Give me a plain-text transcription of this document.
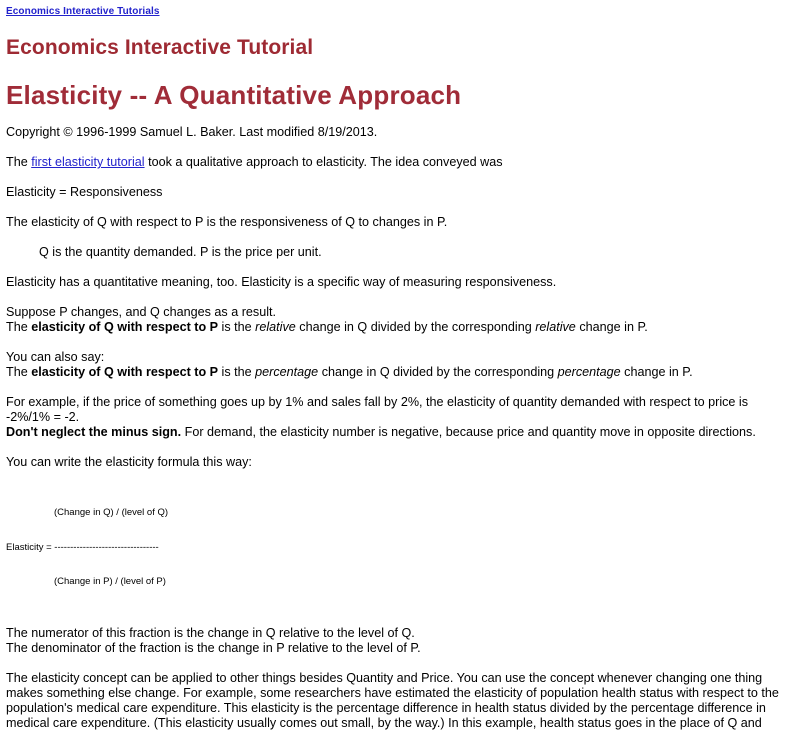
Economics Interactive Tutorials
Economics Interactive Tutorial
Elasticity -- A Quantitative Approach

Copyright © 1996-1999 Samuel L. Baker. Last modified 8/19/2013.

The first elasticity tutorial took a qualitative approach to elasticity. The idea conveyed was

Elasticity = Responsiveness

The elasticity of Q with respect to P is the responsiveness of Q to changes in P.

Q is the quantity demanded. P is the price per unit.

Elasticity has a quantitative meaning, too. Elasticity is a specific way of measuring responsiveness.

Suppose P changes, and Q changes as a result.
The elasticity of Q with respect to P is the relative change in Q divided by the corresponding relative change in P.

You can also say:
The elasticity of Q with respect to P is the percentage change in Q divided by the corresponding percentage change in P.

For example, if the price of something goes up by 1% and sales fall by 2%, the elasticity of quantity demanded with respect to price is -2%/1% = -2.
Don't neglect the minus sign. For demand, the elasticity number is negative, because price and quantity move in opposite directions.

You can write the elasticity formula this way:

(Change in Q) / (level of Q)

Elasticity = ---------------------------------

(Change in P) / (level of P)

The numerator of this fraction is the change in Q relative to the level of Q.
The denominator of the fraction is the change in P relative to the level of P.

The elasticity concept can be applied to other things besides Quantity and Price. You can use the concept whenever changing one thing makes something else change. For example, some researchers have estimated the elasticity of population health status with respect to the population's medical care expenditure. This elasticity is the percentage difference in health status divided by the percentage difference in medical care expenditure. (This elasticity usually comes out small, by the way.) In this example, health status goes in the place of Q and
